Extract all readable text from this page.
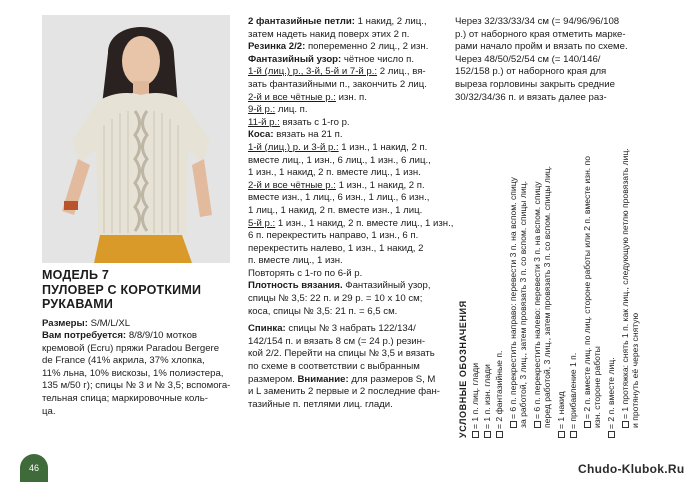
МОДЕЛЬ 7
ПУЛОВЕР С КОРОТКИМИ
РУКАВАМИ

Размеры: S/M/L/XL

Вам потребуется: 8/8/9/10 мотков

кремовой (Ecru) пряжи Paradou Bergere

de France (41% акрила, 37% хлопка,

11% льна, 10% вискозы, 1% полиэстера,

135 м/50 г); спицы № 3 и № 3,5; вспомога-

тельная спица; маркировочные коль-

ца.

2 фантазийные петли: 1 накид, 2 лиц.,

затем надеть накид поверх этих 2 п.

Резинка 2/2: попеременно 2 лиц., 2 изн.

Фантазийный узор: чётное число п.

1-й (лиц.) р., 3-й, 5-й и 7-й р.: 2 лиц., вя-

зать фантазийными п., закончить 2 лиц.

2-й и все чётные р.: изн. п.

9-й р.: лиц. п.

11-й р.: вязать с 1-го р.

Коса: вязать на 21 п.

1-й (лиц.) р. и 3-й р.: 1 изн., 1 накид, 2 п.

вместе лиц., 1 изн., 6 лиц., 1 изн., 6 лиц.,

1 изн., 1 накид, 2 п. вместе лиц., 1 изн.

2-й и все чётные р.: 1 изн., 1 накид, 2 п.

вместе изн., 1 лиц., 6 изн., 1 лиц., 6 изн.,

1 лиц., 1 накид, 2 п. вместе изн., 1 лиц.

5-й р.: 1 изн., 1 накид, 2 п. вместе лиц., 1 изн.,

6 п. перекрестить направо, 1 изн., 6 п.

перекрестить налево, 1 изн., 1 накид, 2

п. вместе лиц., 1 изн.

Повторять с 1-го по 6-й р.

Плотность вязания. Фантазийный узор,

спицы № 3,5: 22 п. и 29 р. = 10 х 10 см;

коса, спицы № 3,5: 21 п. = 6,5 см.

Спинка: спицы № 3 набрать 122/134/

142/154 п. и вязать 8 см (= 24 р.) резин-

кой 2/2. Перейти на спицы № 3,5 и вязать

по схеме в соответствии с выбранным

размером. Внимание: для размеров S, M

и L заменить 2 первые и 2 последние фан-

тазийные п. петлями лиц. глади.

Через 32/33/33/34 см (= 94/96/96/108

р.) от наборного края отметить марке-

рами начало пройм и вязать по схеме.

Через 48/50/52/54 см (= 140/146/

152/158 р.) от наборного края для

выреза горловины закрыть средние

30/32/34/36 п. и вязать далее раз-

УСЛОВНЫЕ ОБОЗНАЧЕНИЯ = 1 п. лиц. глади = 1 п. изн. глади = 2 фантазийные п. = 6 п. перекрестить направо: перевести 3 п. на вспом. спицу за работой, 3 лиц., затем провязать 3 п. со вспом. спицы лиц. = 6 п. перекрестить налево: перевести 3 п. на вспом. спицу перед работой, 3 лиц., затем провязать 3 п. со вспом. спицы лиц. = 1 накид = прибавление 1 п. = 2 п. вместе лиц. по лиц. стороне работы или 2 п. вместе изн. по изн. стороне работы = 2 п. вместе лиц. = 1 протяжка: снять 1 п. как лиц., следующую петлю провязать лиц. и протянуть её через снятую
46	Chudo-Klubok.Ru
